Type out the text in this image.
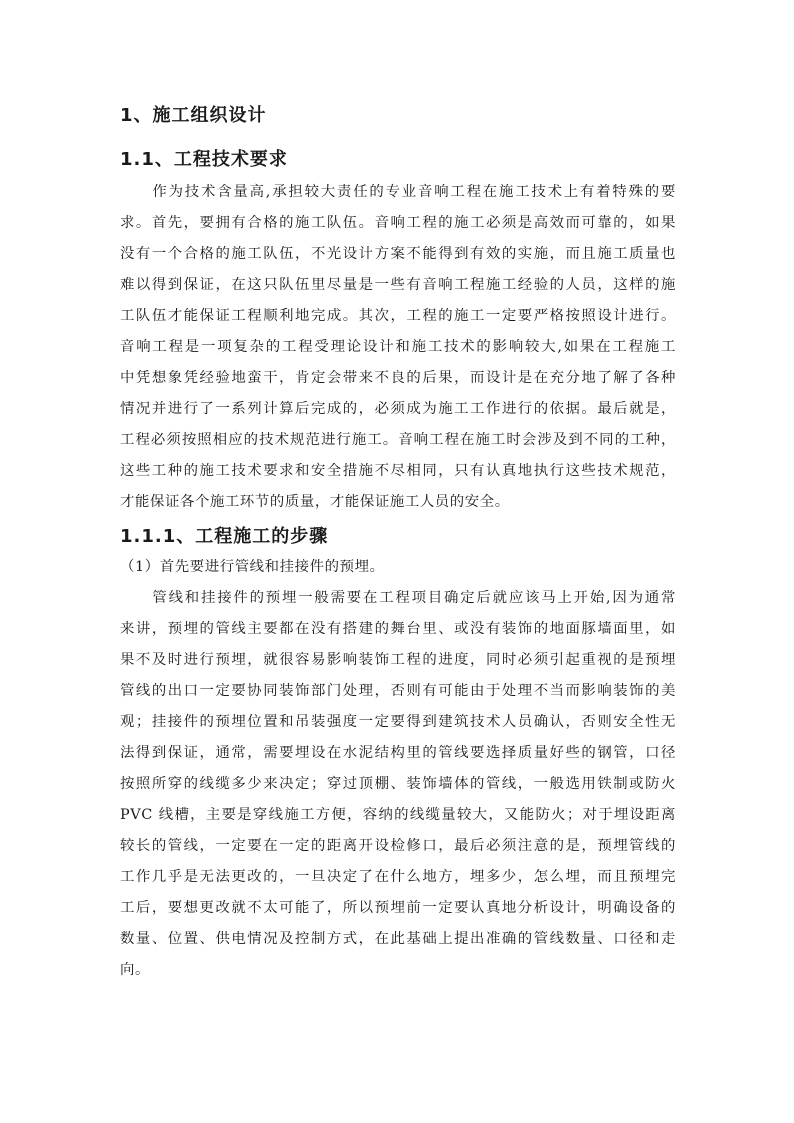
1、施工组织设计
1.1、工程技术要求
　　作为技术含量高,承担较大责任的专业音响工程在施工技术上有着特殊的要
求。首先，要拥有合格的施工队伍。音响工程的施工必须是高效而可靠的，如果
没有一个合格的施工队伍，不光设计方案不能得到有效的实施，而且施工质量也
难以得到保证，在这只队伍里尽量是一些有音响工程施工经验的人员，这样的施
工队伍才能保证工程顺利地完成。其次，工程的施工一定要严格按照设计进行。
音响工程是一项复杂的工程受理论设计和施工技术的影响较大,如果在工程施工
中凭想象凭经验地蛮干，肯定会带来不良的后果，而设计是在充分地了解了各种
情况并进行了一系列计算后完成的，必须成为施工工作进行的依据。最后就是，
工程必须按照相应的技术规范进行施工。音响工程在施工时会涉及到不同的工种，
这些工种的施工技术要求和安全措施不尽相同，只有认真地执行这些技术规范，
才能保证各个施工环节的质量，才能保证施工人员的安全。
1.1.1、工程施工的步骤
（1）首先要进行管线和挂接件的预埋。
　　管线和挂接件的预埋一般需要在工程项目确定后就应该马上开始,因为通常
来讲，预埋的管线主要都在没有搭建的舞台里、或没有装饰的地面豚墙面里，如
果不及时进行预埋，就很容易影响装饰工程的进度，同时必须引起重视的是预埋
管线的出口一定要协同装饰部门处理，否则有可能由于处理不当而影响装饰的美
观；挂接件的预埋位置和吊装强度一定要得到建筑技术人员确认，否则安全性无
法得到保证，通常，需要埋设在水泥结构里的管线要选择质量好些的钢管，口径
按照所穿的线缆多少来决定；穿过顶棚、装饰墙体的管线，一般选用铁制或防火
PVC 线槽，主要是穿线施工方便，容纳的线缆量较大，又能防火；对于埋设距离
较长的管线，一定要在一定的距离开设检修口，最后必须注意的是，预埋管线的
工作几乎是无法更改的，一旦决定了在什么地方，埋多少，怎么埋，而且预埋完
工后，要想更改就不太可能了，所以预埋前一定要认真地分析设计，明确设备的
数量、位置、供电情况及控制方式，在此基础上提出准确的管线数量、口径和走
向。
